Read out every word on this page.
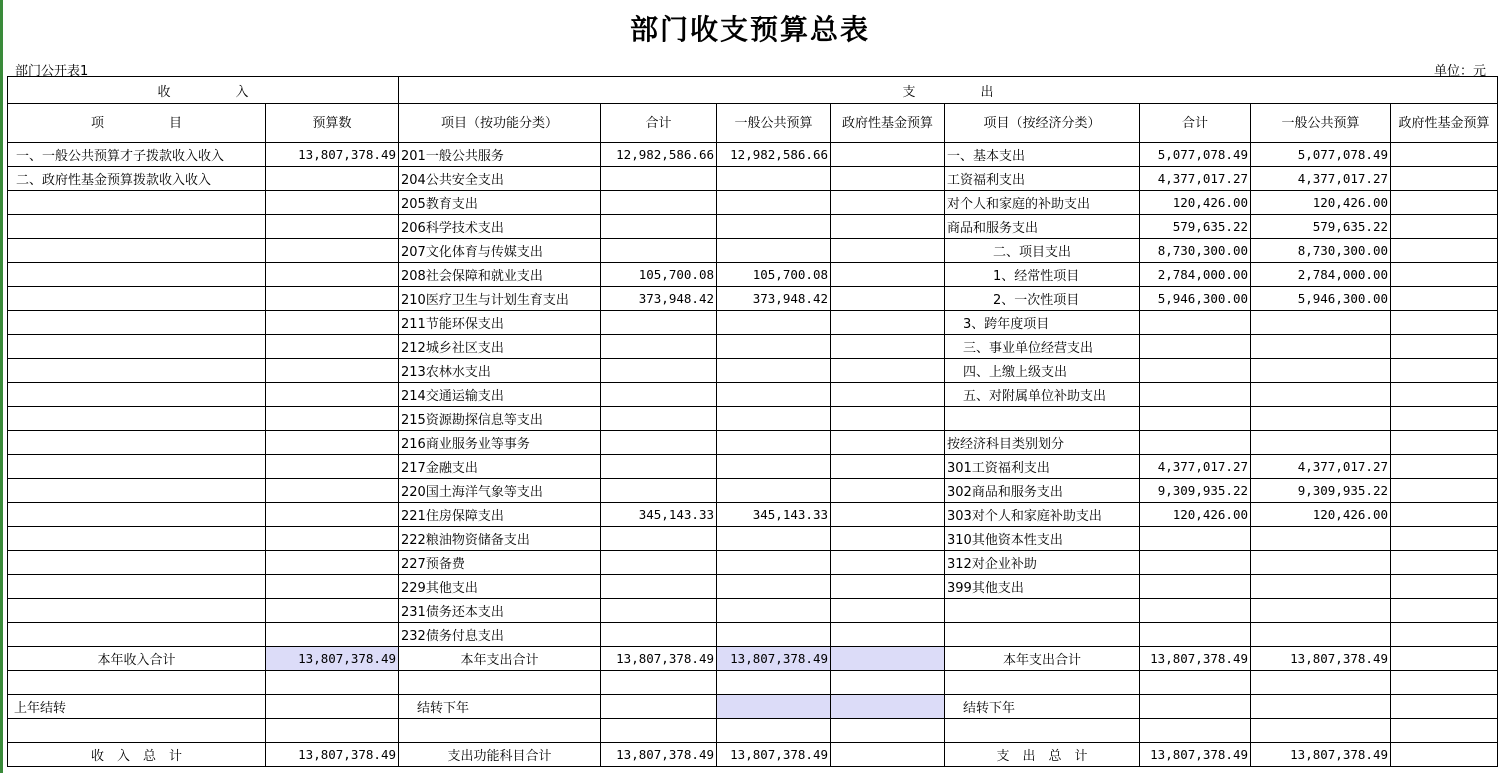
部门收支预算总表
部门公开表1	单位：元
收　　　　　入		支　　　　　出							
项　　　　　目	预算数	项目（按功能分类）	合计	一般公共预算	政府性基金预算	项目（按经济分类）	合计	一般公共预算	政府性基金预算
一、一般公共预算才子拨款收入收入	13,807,378.49	201一般公共服务	12,982,586.66	12,982,586.66		一、基本支出	5,077,078.49	5,077,078.49	
二、政府性基金预算拨款收入收入		204公共安全支出				工资福利支出	4,377,017.27	4,377,017.27	
		205教育支出				对个人和家庭的补助支出	120,426.00	120,426.00	
		206科学技术支出				商品和服务支出	579,635.22	579,635.22	
		207文化体育与传媒支出				二、项目支出	8,730,300.00	8,730,300.00	
		208社会保障和就业支出	105,700.08	105,700.08		1、经常性项目	2,784,000.00	2,784,000.00	
		210医疗卫生与计划生育支出	373,948.42	373,948.42		2、一次性项目	5,946,300.00	5,946,300.00	
		211节能环保支出				3、跨年度项目			
		212城乡社区支出				三、事业单位经营支出			
		213农林水支出				四、上缴上级支出			
		214交通运输支出				五、对附属单位补助支出			
		215资源勘探信息等支出							
		216商业服务业等事务				按经济科目类别划分			
		217金融支出				301工资福利支出	4,377,017.27	4,377,017.27	
		220国土海洋气象等支出				302商品和服务支出	9,309,935.22	9,309,935.22	
		221住房保障支出	345,143.33	345,143.33		303对个人和家庭补助支出	120,426.00	120,426.00	
		222粮油物资储备支出				310其他资本性支出			
		227预备费				312对企业补助			
		229其他支出				399其他支出			
		231债务还本支出							
		232债务付息支出							
本年收入合计	13,807,378.49	本年支出合计	13,807,378.49	13,807,378.49		本年支出合计	13,807,378.49	13,807,378.49	

上年结转		结转下年				结转下年			

收　入　总　计	13,807,378.49	支出功能科目合计	13,807,378.49	13,807,378.49		支　出　总　计	13,807,378.49	13,807,378.49	
